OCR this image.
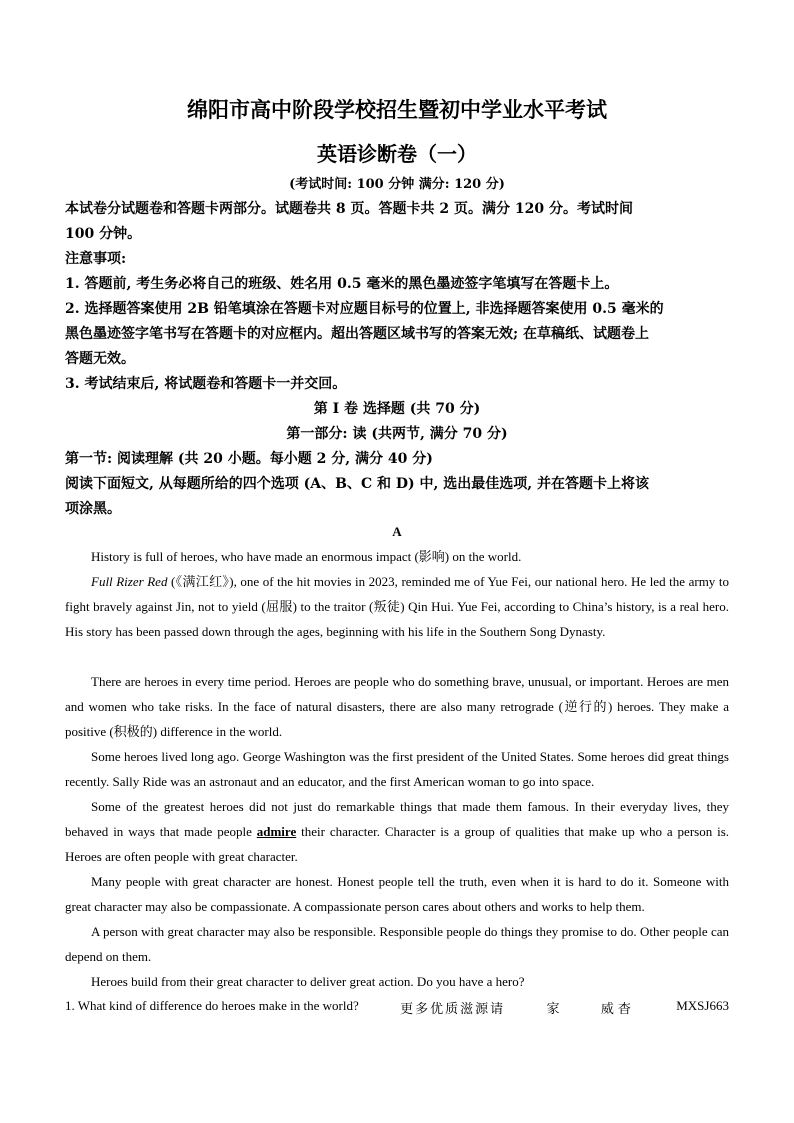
绵阳市高中阶段学校招生暨初中学业水平考试
英语诊断卷（一）
(考试时间: 100 分钟 满分: 120 分)
本试卷分试题卷和答题卡两部分。试题卷共 8 页。答题卡共 2 页。满分 120 分。考试时间
100 分钟。
注意事项:
1. 答题前, 考生务必将自己的班级、姓名用 0.5 毫米的黑色墨迹签字笔填写在答题卡上。
2. 选择题答案使用 2B 铅笔填涂在答题卡对应题目标号的位置上, 非选择题答案使用 0.5 毫米的
黑色墨迹签字笔书写在答题卡的对应框内。超出答题区域书写的答案无效; 在草稿纸、试题卷上
答题无效。
3. 考试结束后, 将试题卷和答题卡一并交回。
第 I 卷 选择题 (共 70 分)
第一部分: 读 (共两节, 满分 70 分)
第一节: 阅读理解 (共 20 小题。每小题 2 分, 满分 40 分)
阅读下面短文, 从每题所给的四个选项 (A、B、C 和 D) 中, 选出最佳选项, 并在答题卡上将该
项涂黑。
A
History is full of heroes, who have made an enormous impact (影响) on the world.
Full Rizer Red (《满江红》), one of the hit movies in 2023, reminded me of Yue Fei, our national hero. He led the army to fight bravely against Jin, not to yield (屈服) to the traitor (叛徒) Qin Hui. Yue Fei, according to China’s history, is a real hero. His story has been passed down through the ages, beginning with his life in the Southern Song Dynasty.
There are heroes in every time period. Heroes are people who do something brave, unusual, or important. Heroes are men and women who take risks. In the face of natural disasters, there are also many retrograde (逆行的) heroes. They make a positive (积极的) difference in the world.
Some heroes lived long ago. George Washington was the first president of the United States. Some heroes did great things recently. Sally Ride was an astronaut and an educator, and the first American woman to go into space.
Some of the greatest heroes did not just do remarkable things that made them famous. In their everyday lives, they behaved in ways that made people admire their character. Character is a group of qualities that make up who a person is. Heroes are often people with great character.
Many people with great character are honest. Honest people tell the truth, even when it is hard to do it. Someone with great character may also be compassionate. A compassionate person cares about others and works to help them.
A person with great character may also be responsible. Responsible people do things they promise to do. Other people can depend on them.
Heroes build from their great character to deliver great action. Do you have a hero?
1. What kind of difference do heroes make in the world?	更多优质滋源请	家	威杳	MXSJ663
